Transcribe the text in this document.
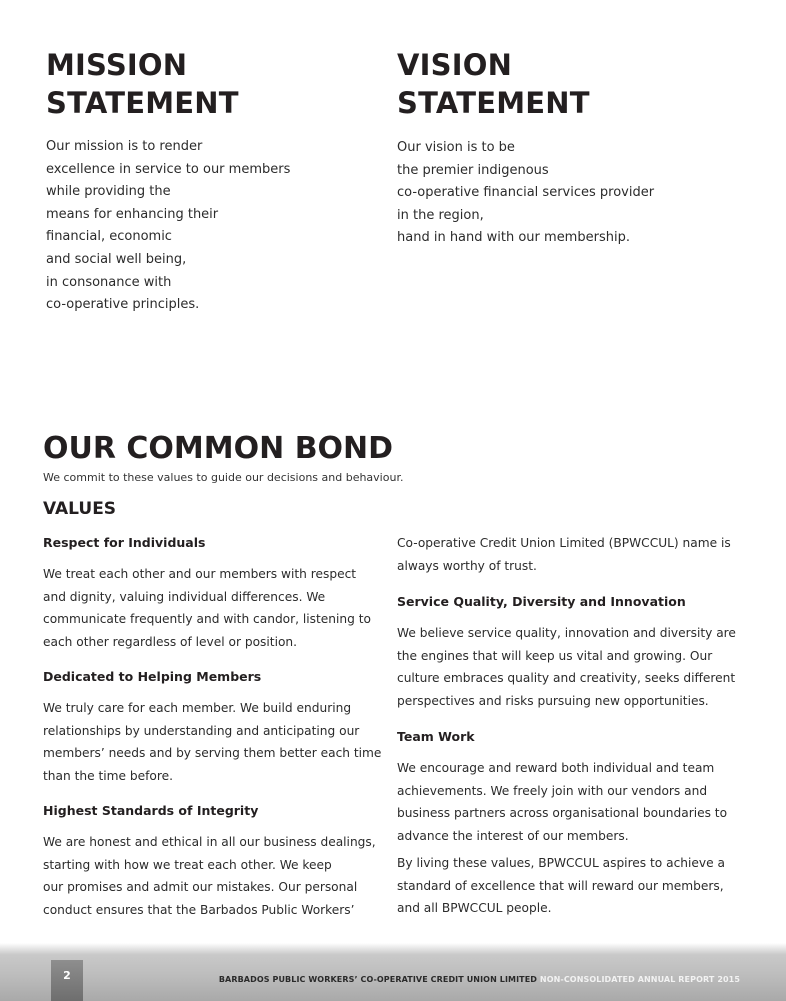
MISSION
STATEMENT
Our mission is to render
excellence in service to our members
while providing the
means for enhancing their
financial, economic
and social well being,
in consonance with
co-operative principles.
VISION
STATEMENT
Our vision is to be
the premier indigenous
co-operative financial services provider
in the region,
hand in hand with our membership.
OUR COMMON BOND
We commit to these values to guide our decisions and behaviour.
VALUES
Respect for Individuals

We treat each other and our members with respect
and dignity, valuing individual differences. We
communicate frequently and with candor, listening to
each other regardless of level or position.

Dedicated to Helping Members

We truly care for each member. We build enduring
relationships by understanding and anticipating our
members’ needs and by serving them better each time
than the time before.

Highest Standards of Integrity

We are honest and ethical in all our business dealings,
starting with how we treat each other. We keep
our promises and admit our mistakes. Our personal
conduct ensures that the Barbados Public Workers’

Co-operative Credit Union Limited (BPWCCUL) name is
always worthy of trust.

Service Quality, Diversity and Innovation

We believe service quality, innovation and diversity are
the engines that will keep us vital and growing. Our
culture embraces quality and creativity, seeks different
perspectives and risks pursuing new opportunities.

Team Work

We encourage and reward both individual and team
achievements. We freely join with our vendors and
business partners across organisational boundaries to
advance the interest of our members.

By living these values, BPWCCUL aspires to achieve a
standard of excellence that will reward our members,
and all BPWCCUL people.

2	BARBADOS PUBLIC WORKERS’ CO-OPERATIVE CREDIT UNION LIMITED NON-CONSOLIDATED ANNUAL REPORT 2015
